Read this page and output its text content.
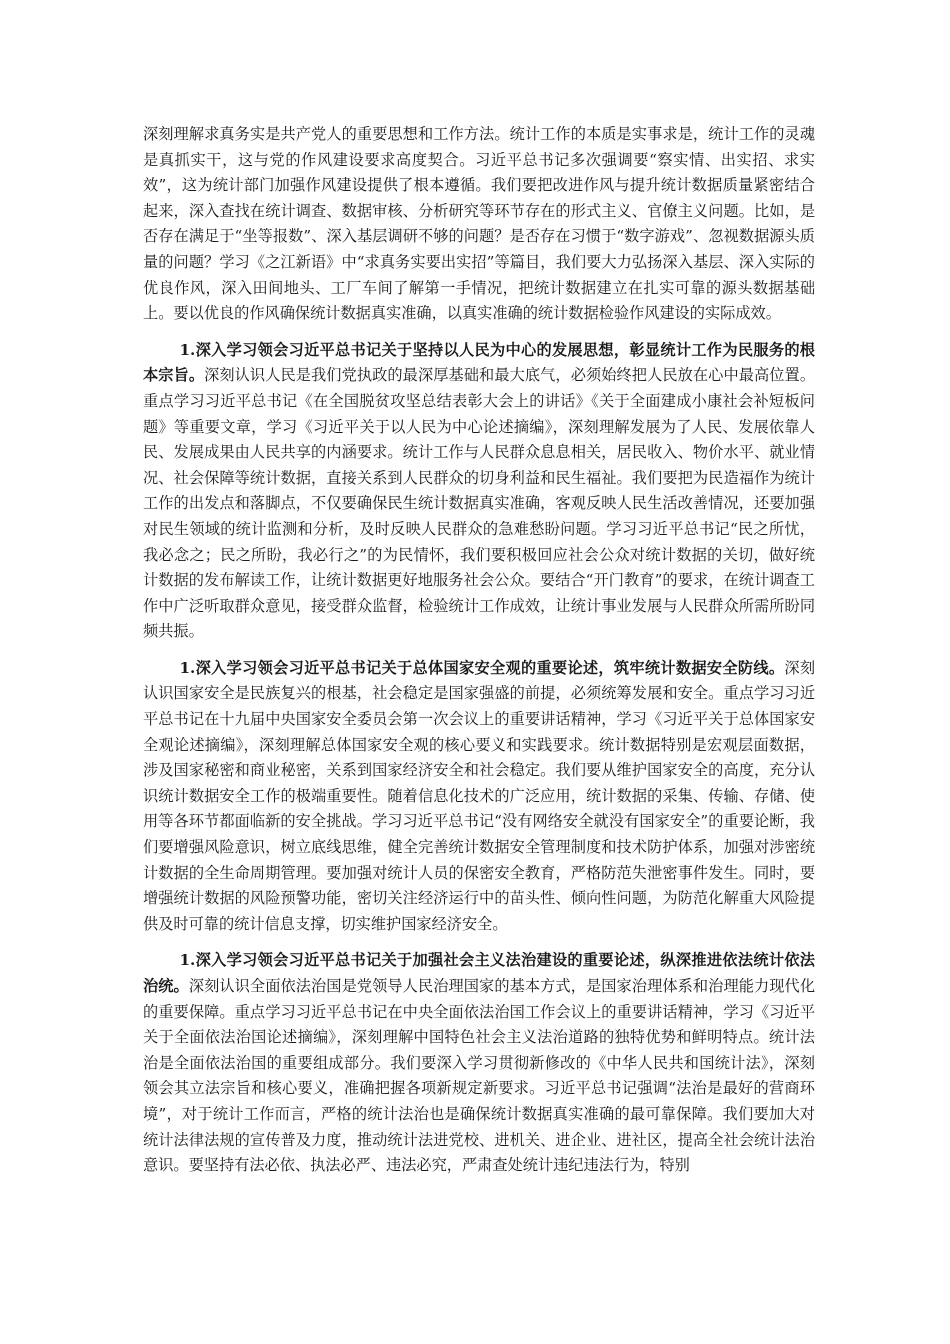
深刻理解求真务实是共产党人的重要思想和工作方法。统计工作的本质是实事求是，统计工作的灵魂是真抓实干，这与党的作风建设要求高度契合。习近平总书记多次强调要“察实情、出实招、求实效”，这为统计部门加强作风建设提供了根本遵循。我们要把改进作风与提升统计数据质量紧密结合起来，深入查找在统计调查、数据审核、分析研究等环节存在的形式主义、官僚主义问题。比如，是否存在满足于“坐等报数”、深入基层调研不够的问题？是否存在习惯于“数字游戏”、忽视数据源头质量的问题？学习《之江新语》中“求真务实要出实招”等篇目，我们要大力弘扬深入基层、深入实际的优良作风，深入田间地头、工厂车间了解第一手情况，把统计数据建立在扎实可靠的源头数据基础上。要以优良的作风确保统计数据真实准确，以真实准确的统计数据检验作风建设的实际成效。

1.深入学习领会习近平总书记关于坚持以人民为中心的发展思想，彰显统计工作为民服务的根本宗旨。深刻认识人民是我们党执政的最深厚基础和最大底气，必须始终把人民放在心中最高位置。重点学习习近平总书记《在全国脱贫攻坚总结表彰大会上的讲话》《关于全面建成小康社会补短板问题》等重要文章，学习《习近平关于以人民为中心论述摘编》，深刻理解发展为了人民、发展依靠人民、发展成果由人民共享的内涵要求。统计工作与人民群众息息相关，居民收入、物价水平、就业情况、社会保障等统计数据，直接关系到人民群众的切身利益和民生福祉。我们要把为民造福作为统计工作的出发点和落脚点，不仅要确保民生统计数据真实准确，客观反映人民生活改善情况，还要加强对民生领域的统计监测和分析，及时反映人民群众的急难愁盼问题。学习习近平总书记“民之所忧，我必念之；民之所盼，我必行之”的为民情怀，我们要积极回应社会公众对统计数据的关切，做好统计数据的发布解读工作，让统计数据更好地服务社会公众。要结合“开门教育”的要求，在统计调查工作中广泛听取群众意见，接受群众监督，检验统计工作成效，让统计事业发展与人民群众所需所盼同频共振。

1.深入学习领会习近平总书记关于总体国家安全观的重要论述，筑牢统计数据安全防线。深刻认识国家安全是民族复兴的根基，社会稳定是国家强盛的前提，必须统筹发展和安全。重点学习习近平总书记在十九届中央国家安全委员会第一次会议上的重要讲话精神，学习《习近平关于总体国家安全观论述摘编》，深刻理解总体国家安全观的核心要义和实践要求。统计数据特别是宏观层面数据，涉及国家秘密和商业秘密，关系到国家经济安全和社会稳定。我们要从维护国家安全的高度，充分认识统计数据安全工作的极端重要性。随着信息化技术的广泛应用，统计数据的采集、传输、存储、使用等各环节都面临新的安全挑战。学习习近平总书记“没有网络安全就没有国家安全”的重要论断，我们要增强风险意识，树立底线思维，健全完善统计数据安全管理制度和技术防护体系，加强对涉密统计数据的全生命周期管理。要加强对统计人员的保密安全教育，严格防范失泄密事件发生。同时，要增强统计数据的风险预警功能，密切关注经济运行中的苗头性、倾向性问题，为防范化解重大风险提供及时可靠的统计信息支撑，切实维护国家经济安全。

1.深入学习领会习近平总书记关于加强社会主义法治建设的重要论述，纵深推进依法统计依法治统。深刻认识全面依法治国是党领导人民治理国家的基本方式，是国家治理体系和治理能力现代化的重要保障。重点学习习近平总书记在中央全面依法治国工作会议上的重要讲话精神，学习《习近平关于全面依法治国论述摘编》，深刻理解中国特色社会主义法治道路的独特优势和鲜明特点。统计法治是全面依法治国的重要组成部分。我们要深入学习贯彻新修改的《中华人民共和国统计法》，深刻领会其立法宗旨和核心要义，准确把握各项新规定新要求。习近平总书记强调“法治是最好的营商环境”，对于统计工作而言，严格的统计法治也是确保统计数据真实准确的最可靠保障。我们要加大对统计法律法规的宣传普及力度，推动统计法进党校、进机关、进企业、进社区，提高全社会统计法治意识。要坚持有法必依、执法必严、违法必究，严肃查处统计违纪违法行为，特别
